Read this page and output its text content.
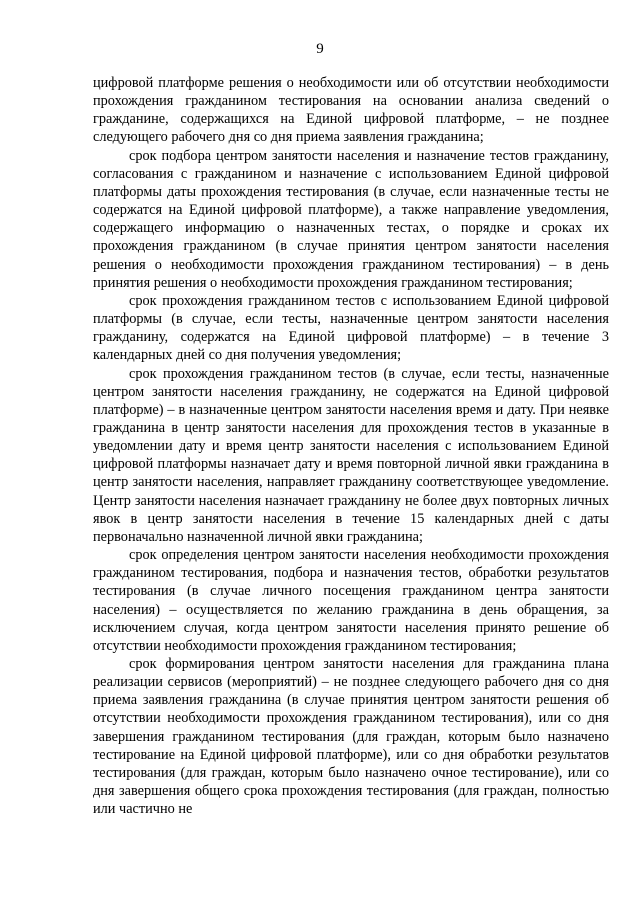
9

цифровой платформе решения о необходимости или об отсутствии необходимости прохождения гражданином тестирования на основании анализа сведений о гражданине, содержащихся на Единой цифровой платформе, – не позднее следующего рабочего дня со дня приема заявления гражданина;

срок подбора центром занятости населения и назначение тестов гражданину, согласования с гражданином и назначение с использованием Единой цифровой платформы даты прохождения тестирования (в случае, если назначенные тесты не содержатся на Единой цифровой платформе), а также направление уведомления, содержащего информацию о назначенных тестах, о порядке и сроках их прохождения гражданином (в случае принятия центром занятости населения решения о необходимости прохождения гражданином тестирования) – в день принятия решения о необходимости прохождения гражданином тестирования;

срок прохождения гражданином тестов с использованием Единой цифровой платформы (в случае, если тесты, назначенные центром занятости населения гражданину, содержатся на Единой цифровой платформе) – в течение 3 календарных дней со дня получения уведомления;

срок прохождения гражданином тестов (в случае, если тесты, назначенные центром занятости населения гражданину, не содержатся на Единой цифровой платформе) – в назначенные центром занятости населения время и дату. При неявке гражданина в центр занятости населения для прохождения тестов в указанные в уведомлении дату и время центр занятости населения с использованием Единой цифровой платформы назначает дату и время повторной личной явки гражданина в центр занятости населения, направляет гражданину соответствующее уведомление. Центр занятости населения назначает гражданину не более двух повторных личных явок в центр занятости населения в течение 15 календарных дней с даты первоначально назначенной личной явки гражданина;

срок определения центром занятости населения необходимости прохождения гражданином тестирования, подбора и назначения тестов, обработки результатов тестирования (в случае личного посещения гражданином центра занятости населения) – осуществляется по желанию гражданина в день обращения, за исключением случая, когда центром занятости населения принято решение об отсутствии необходимости прохождения гражданином тестирования;

срок формирования центром занятости населения для гражданина плана реализации сервисов (мероприятий) – не позднее следующего рабочего дня со дня приема заявления гражданина (в случае принятия центром занятости решения об отсутствии необходимости прохождения гражданином тестирования), или со дня завершения гражданином тестирования (для граждан, которым было назначено тестирование на Единой цифровой платформе), или со дня обработки результатов тестирования (для граждан, которым было назначено очное тестирование), или со дня завершения общего срока прохождения тестирования (для граждан, полностью или частично не
